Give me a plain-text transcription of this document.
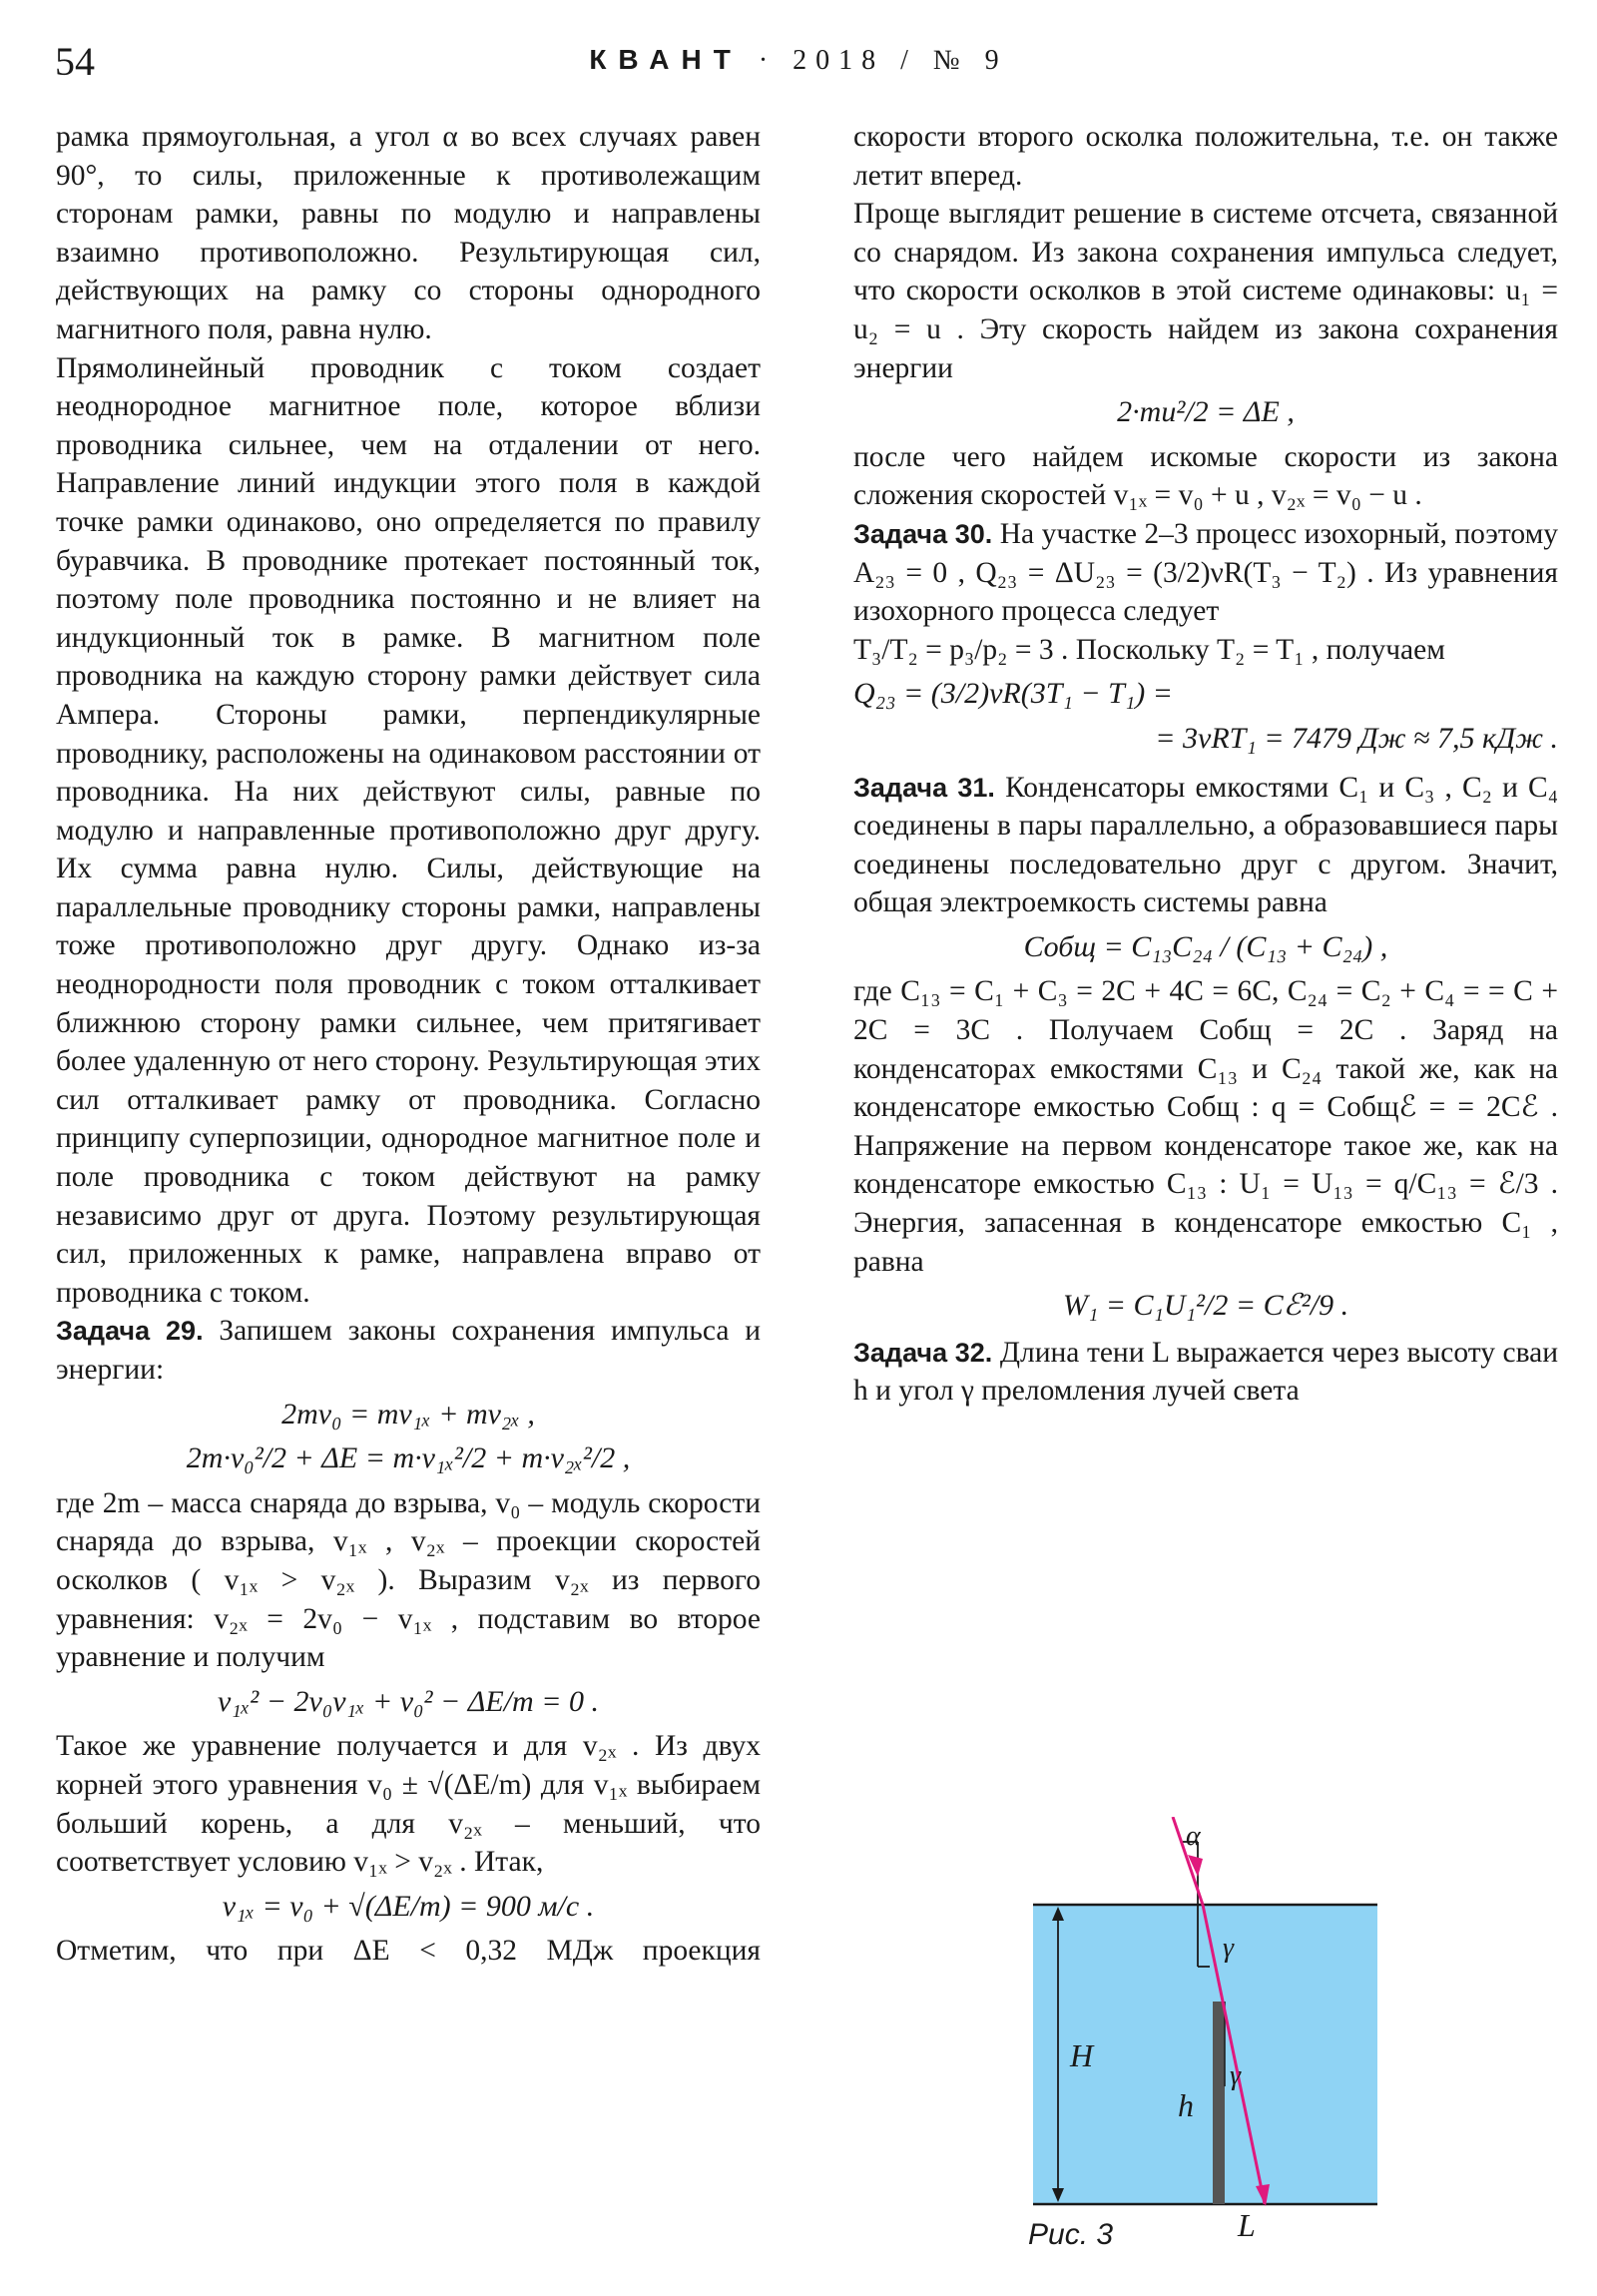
54	КВАНТ · 2018 / № 9

рамка прямоугольная, а угол α во всех случаях равен 90°, то силы, приложенные к противолежащим сторонам рамки, равны по модулю и направлены взаимно противоположно. Результирующая сил, действующих на рамку со стороны однородного магнитного поля, равна нулю.

Прямолинейный проводник с током создает неоднородное магнитное поле, которое вблизи проводника сильнее, чем на отдалении от него. Направление линий индукции этого поля в каждой точке рамки одинаково, оно определяется по правилу буравчика. В проводнике протекает постоянный ток, поэтому поле проводника постоянно и не влияет на индукционный ток в рамке. В магнитном поле проводника на каждую сторону рамки действует сила Ампера. Стороны рамки, перпендикулярные проводнику, расположены на одинаковом расстоянии от проводника. На них действуют силы, равные по модулю и направленные противоположно друг другу. Их сумма равна нулю. Силы, действующие на параллельные проводнику стороны рамки, направлены тоже противоположно друг другу. Однако из-за неоднородности поля проводник с током отталкивает ближнюю сторону рамки сильнее, чем притягивает более удаленную от него сторону. Результирующая этих сил отталкивает рамку от проводника. Согласно принципу суперпозиции, однородное магнитное поле и поле проводника с током действуют на рамку независимо друг от друга. Поэтому результирующая сил, приложенных к рамке, направлена вправо от проводника с током.

Задача 29. Запишем законы сохранения импульса и энергии:

2mv₀ = mv₁ₓ + mv₂ₓ ,
2m·v₀²/2 + ΔE = m·v₁ₓ²/2 + m·v₂ₓ²/2 ,

где 2m – масса снаряда до взрыва, v₀ – модуль скорости снаряда до взрыва, v₁ₓ , v₂ₓ – проекции скоростей осколков ( v₁ₓ > v₂ₓ ). Выразим v₂ₓ из первого уравнения: v₂ₓ = 2v₀ − v₁ₓ , подставим во второе уравнение и получим

v₁ₓ² − 2v₀v₁ₓ + v₀² − ΔE/m = 0 .

Такое же уравнение получается и для v₂ₓ . Из двух корней этого уравнения v₀ ± √(ΔE/m) для v₁ₓ выбираем больший корень, а для v₂ₓ – меньший, что соответствует условию v₁ₓ > v₂ₓ . Итак,

v₁ₓ = v₀ + √(ΔE/m) = 900 м/с .

Отметим, что при ΔE < 0,32 МДж проекция

скорости второго осколка положительна, т.е. он также летит вперед.

Проще выглядит решение в системе отсчета, связанной со снарядом. Из закона сохранения импульса следует, что скорости осколков в этой системе одинаковы: u₁ = u₂ = u . Эту скорость найдем из закона сохранения энергии

2·mu²/2 = ΔE ,

после чего найдем искомые скорости из закона сложения скоростей v₁ₓ = v₀ + u , v₂ₓ = v₀ − u .

Задача 30. На участке 2–3 процесс изохорный, поэтому A₂₃ = 0 , Q₂₃ = ΔU₂₃ = (3/2)νR(T₃ − T₂) . Из уравнения изохорного процесса следует

T₃/T₂ = p₃/p₂ = 3 . Поскольку T₂ = T₁ , получаем

Q₂₃ = (3/2)νR(3T₁ − T₁) =
= 3νRT₁ = 7479 Дж ≈ 7,5 кДж .

Задача 31. Конденсаторы емкостями C₁ и C₃ , C₂ и C₄ соединены в пары параллельно, а образовавшиеся пары соединены последовательно друг с другом. Значит, общая электроемкость системы равна

Cобщ = C₁₃C₂₄ / (C₁₃ + C₂₄) ,

где C₁₃ = C₁ + C₃ = 2C + 4C = 6C, C₂₄ = C₂ + C₄ = = C + 2C = 3C . Получаем Cобщ = 2C . Заряд на конденсаторах емкостями C₁₃ и C₂₄ такой же, как на конденсаторе емкостью Cобщ : q = Cобщℰ = = 2Cℰ . Напряжение на первом конденсаторе такое же, как на конденсаторе емкостью C₁₃ : U₁ = U₁₃ = q/C₁₃ = ℰ/3 . Энергия, запасенная в конденсаторе емкостью C₁ , равна

W₁ = C₁U₁²/2 = Cℰ²/9 .

Задача 32. Длина тени L выражается через высоту сваи h и угол γ преломления лучей света

α
γ
γ
H
h
L
Рис. 3
